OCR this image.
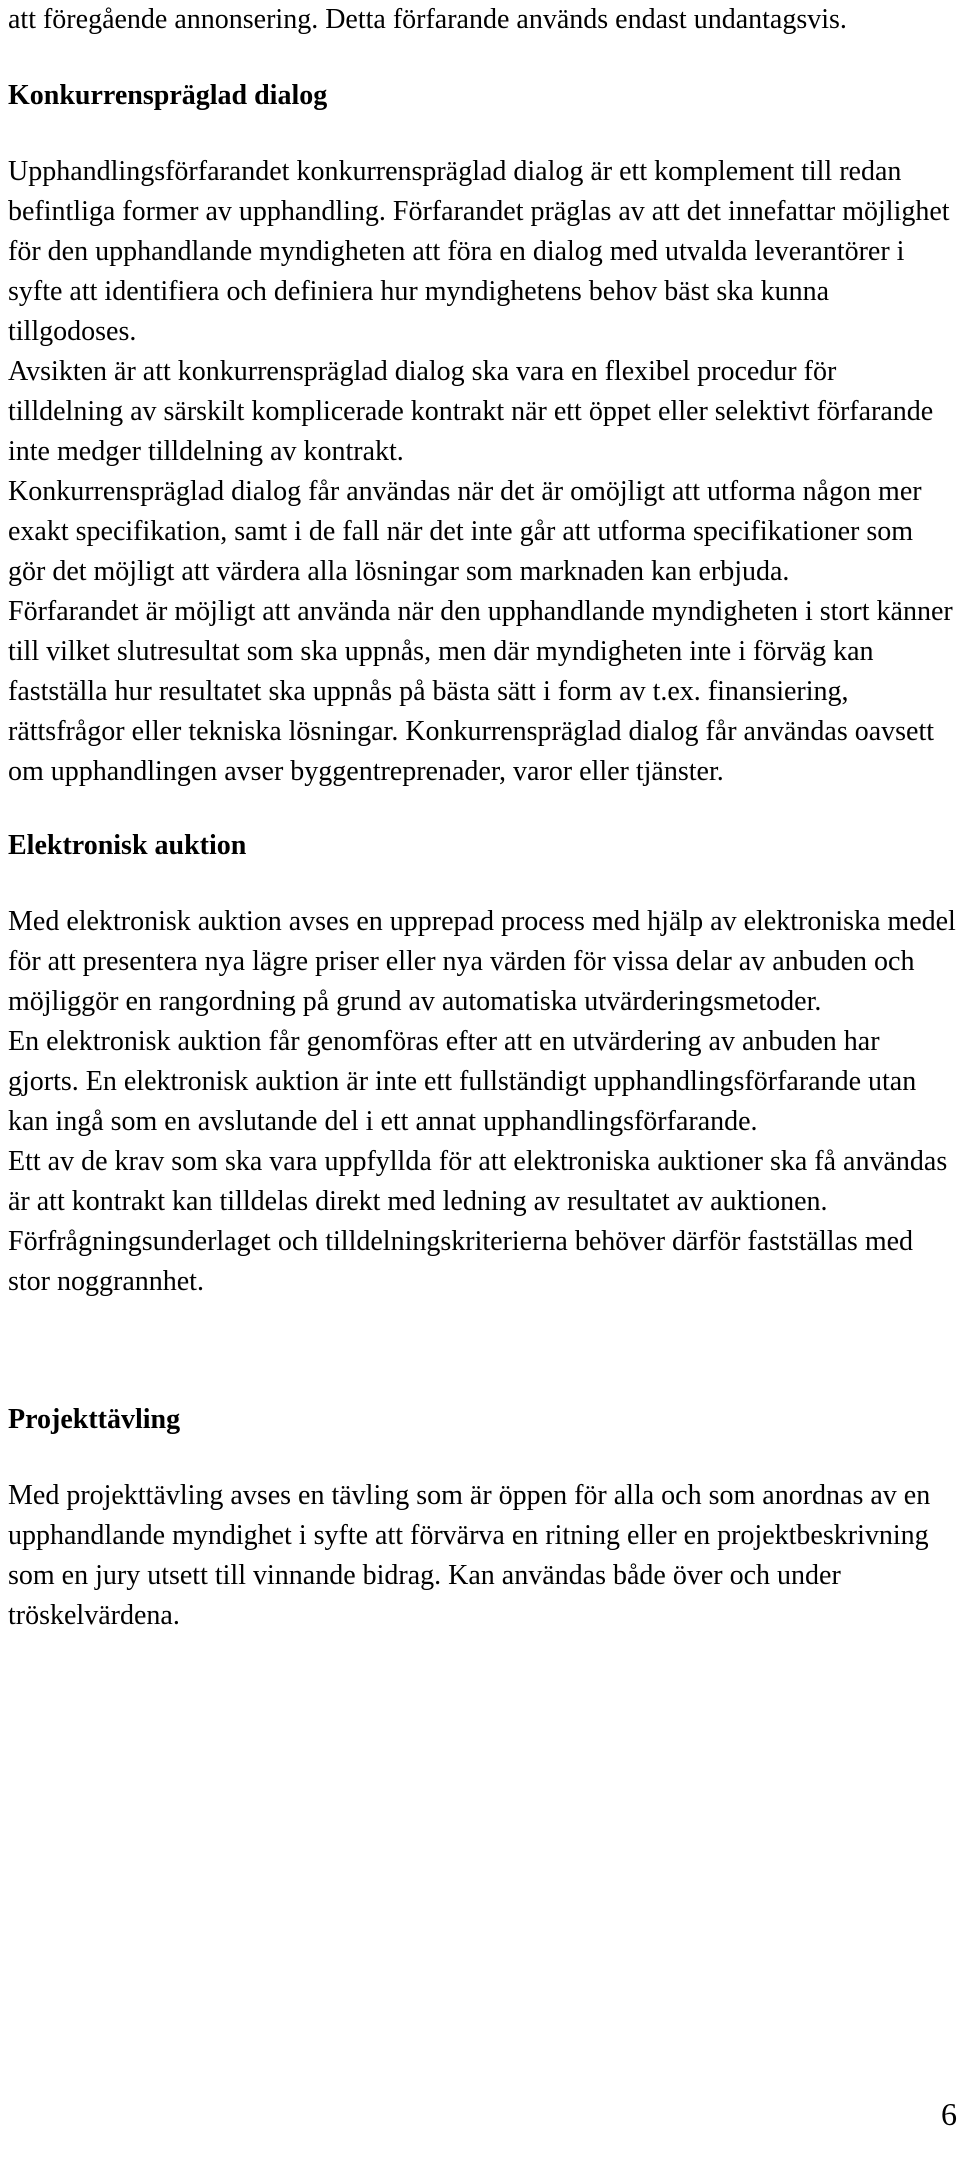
att föregående annonsering. Detta förfarande används endast undantagsvis.

Konkurrenspräglad dialog

Upphandlingsförfarandet konkurrenspräglad dialog är ett komplement till redan befintliga former av upphandling. Förfarandet präglas av att det innefattar möjlighet för den upphandlande myndigheten att föra en dialog med utvalda leverantörer i syfte att identifiera och definiera hur myndighetens behov bäst ska kunna tillgodoses.

Avsikten är att konkurrenspräglad dialog ska vara en flexibel procedur för tilldelning av särskilt komplicerade kontrakt när ett öppet eller selektivt förfarande inte medger tilldelning av kontrakt.

Konkurrenspräglad dialog får användas när det är omöjligt att utforma någon mer exakt specifikation, samt i de fall när det inte går att utforma specifikationer som gör det möjligt att värdera alla lösningar som marknaden kan erbjuda.

Förfarandet är möjligt att använda när den upphandlande myndigheten i stort känner till vilket slutresultat som ska uppnås, men där myndigheten inte i förväg kan fastställa hur resultatet ska uppnås på bästa sätt i form av t.ex. finansiering, rättsfrågor eller tekniska lösningar. Konkurrenspräglad dialog får användas oavsett om upphandlingen avser byggentreprenader, varor eller tjänster.

Elektronisk auktion

Med elektronisk auktion avses en upprepad process med hjälp av elektroniska medel för att presentera nya lägre priser eller nya värden för vissa delar av anbuden och möjliggör en rangordning på grund av automatiska utvärderingsmetoder.

En elektronisk auktion får genomföras efter att en utvärdering av anbuden har gjorts. En elektronisk auktion är inte ett fullständigt upphandlingsförfarande utan kan ingå som en avslutande del i ett annat upphandlingsförfarande.

Ett av de krav som ska vara uppfyllda för att elektroniska auktioner ska få användas är att kontrakt kan tilldelas direkt med ledning av resultatet av auktionen. Förfrågningsunderlaget och tilldelningskriterierna behöver därför fastställas med stor noggrannhet.

Projekttävling

Med projekttävling avses en tävling som är öppen för alla och som anordnas av en upphandlande myndighet i syfte att förvärva en ritning eller en projektbeskrivning som en jury utsett till vinnande bidrag. Kan användas både över och under tröskelvärdena.

6
